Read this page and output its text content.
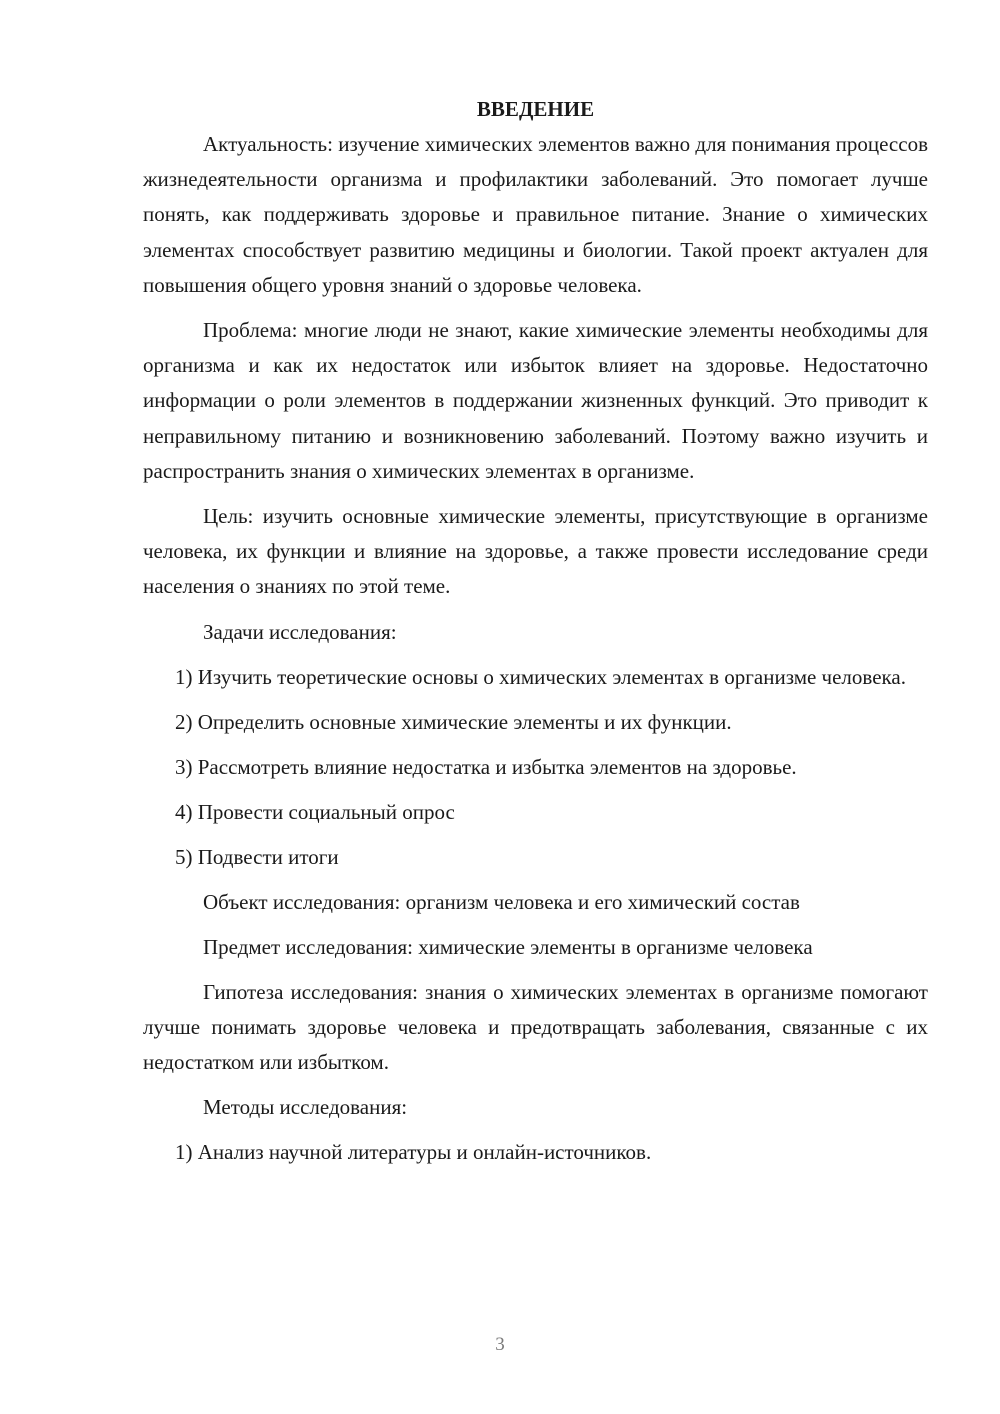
ВВЕДЕНИЕ

Актуальность: изучение химических элементов важно для понимания процессов жизнедеятельности организма и профилактики заболеваний. Это помогает лучше понять, как поддерживать здоровье и правильное питание. Знание о химических элементах способствует развитию медицины и биологии. Такой проект актуален для повышения общего уровня знаний о здоровье человека.

Проблема: многие люди не знают, какие химические элементы необходимы для организма и как их недостаток или избыток влияет на здоровье. Недостаточно информации о роли элементов в поддержании жизненных функций. Это приводит к неправильному питанию и возникновению заболеваний. Поэтому важно изучить и распространить знания о химических элементах в организме.

Цель: изучить основные химические элементы, присутствующие в организме человека, их функции и влияние на здоровье, а также провести исследование среди населения о знаниях по этой теме.

Задачи исследования:

1) Изучить теоретические основы о химических элементах в организме человека.

2) Определить основные химические элементы и их функции.

3) Рассмотреть влияние недостатка и избытка элементов на здоровье.

4) Провести социальный опрос

5) Подвести итоги

Объект исследования: организм человека и его химический состав

Предмет исследования: химические элементы в организме человека

Гипотеза исследования: знания о химических элементах в организме помогают лучше понимать здоровье человека и предотвращать заболевания, связанные с их недостатком или избытком.

Методы исследования:

1) Анализ научной литературы и онлайн-источников.

3
